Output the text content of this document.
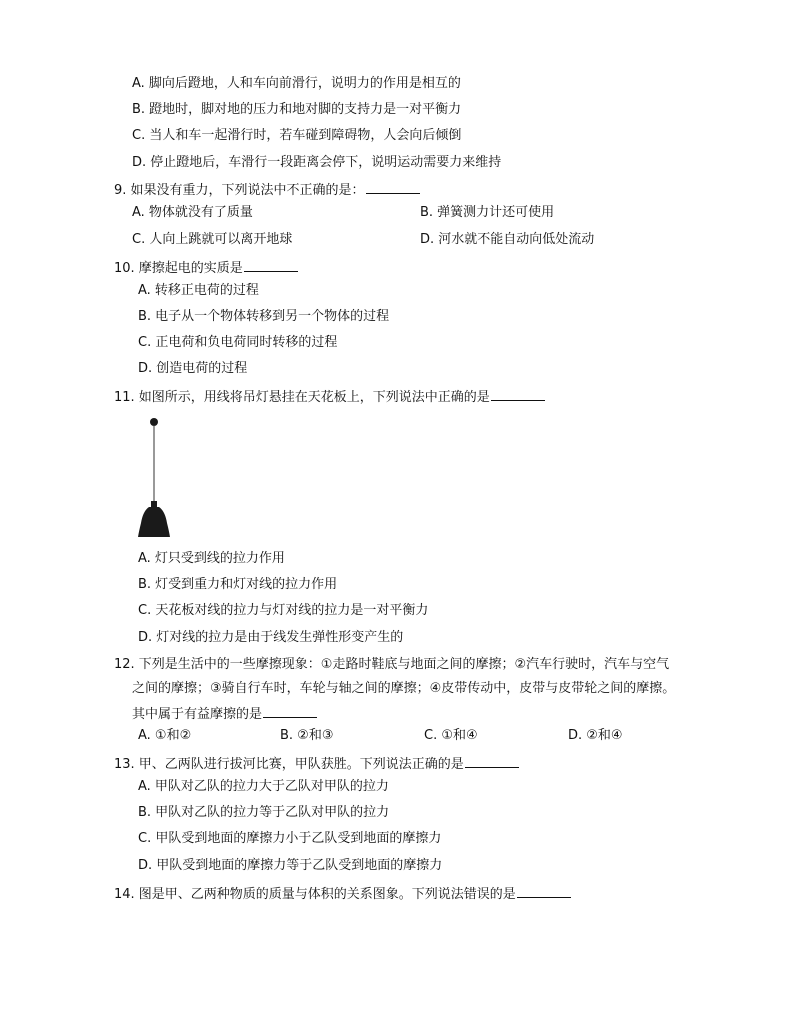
A. 脚向后蹬地，人和车向前滑行，说明力的作用是相互的
B. 蹬地时，脚对地的压力和地对脚的支持力是一对平衡力
C. 当人和车一起滑行时，若车碰到障碍物，人会向后倾倒
D. 停止蹬地后，车滑行一段距离会停下，说明运动需要力来维持
9. 如果没有重力，下列说法中不正确的是：
A. 物体就没有了质量	B. 弹簧测力计还可使用
C. 人向上跳就可以离开地球	D. 河水就不能自动向低处流动
10. 摩擦起电的实质是
A. 转移正电荷的过程
B. 电子从一个物体转移到另一个物体的过程
C. 正电荷和负电荷同时转移的过程
D. 创造电荷的过程
11. 如图所示，用线将吊灯悬挂在天花板上，下列说法中正确的是
A. 灯只受到线的拉力作用
B. 灯受到重力和灯对线的拉力作用
C. 天花板对线的拉力与灯对线的拉力是一对平衡力
D. 灯对线的拉力是由于线发生弹性形变产生的
12. 下列是生活中的一些摩擦现象：①走路时鞋底与地面之间的摩擦；②汽车行驶时，汽车与空气
之间的摩擦；③骑自行车时，车轮与轴之间的摩擦；④皮带传动中，皮带与皮带轮之间的摩擦。
其中属于有益摩擦的是
A. ①和②	B. ②和③	C. ①和④	D. ②和④
13. 甲、乙两队进行拔河比赛，甲队获胜。下列说法正确的是
A. 甲队对乙队的拉力大于乙队对甲队的拉力
B. 甲队对乙队的拉力等于乙队对甲队的拉力
C. 甲队受到地面的摩擦力小于乙队受到地面的摩擦力
D. 甲队受到地面的摩擦力等于乙队受到地面的摩擦力
14. 图是甲、乙两种物质的质量与体积的关系图象。下列说法错误的是
